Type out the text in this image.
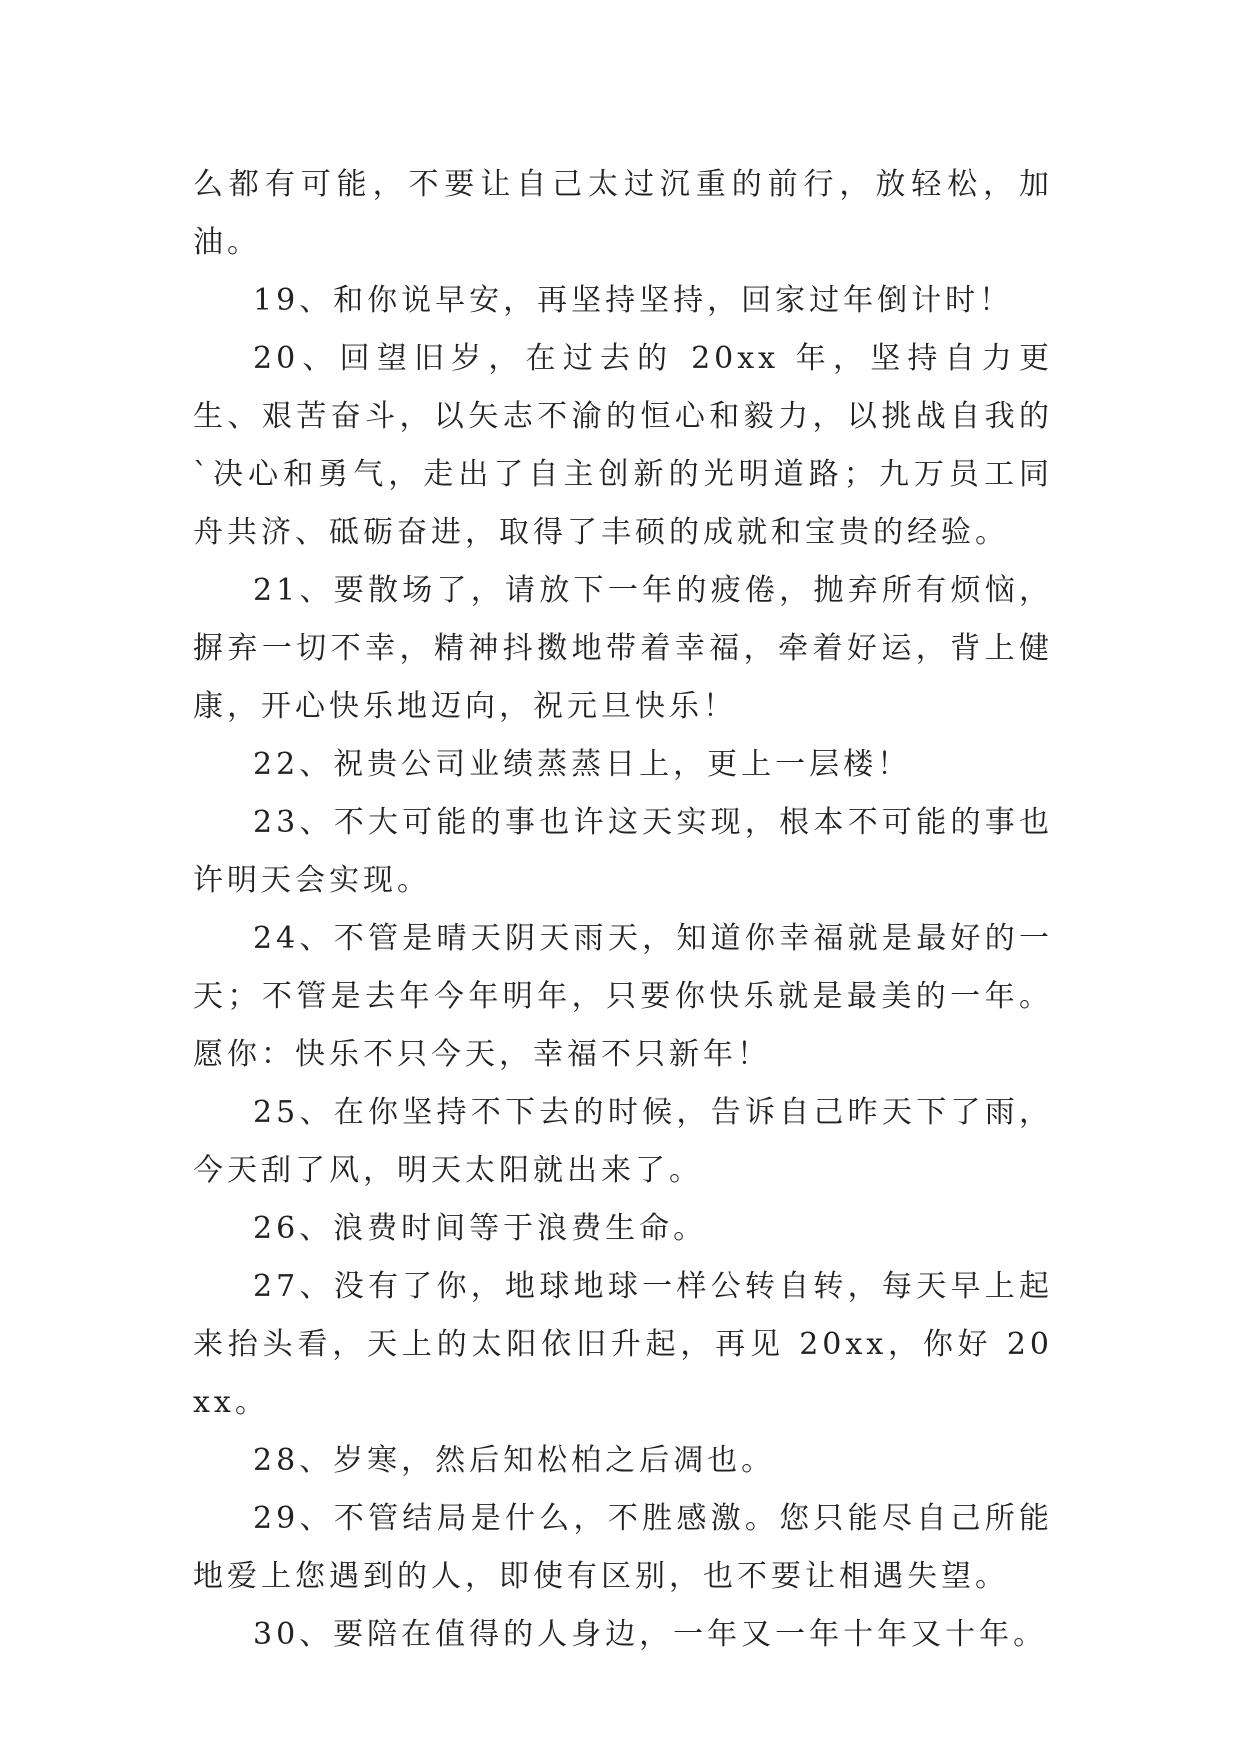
么都有可能，不要让自己太过沉重的前行，放轻松，加油。

19、和你说早安，再坚持坚持，回家过年倒计时！

20、回望旧岁，在过去的 20xx 年，坚持自力更生、艰苦奋斗，以矢志不渝的恒心和毅力，以挑战自我的`决心和勇气，走出了自主创新的光明道路；九万员工同舟共济、砥砺奋进，取得了丰硕的成就和宝贵的经验。

21、要散场了，请放下一年的疲倦，抛弃所有烦恼，摒弃一切不幸，精神抖擞地带着幸福，牵着好运，背上健康，开心快乐地迈向，祝元旦快乐！

22、祝贵公司业绩蒸蒸日上，更上一层楼！

23、不大可能的事也许这天实现，根本不可能的事也许明天会实现。

24、不管是晴天阴天雨天，知道你幸福就是最好的一天；不管是去年今年明年，只要你快乐就是最美的一年。愿你：快乐不只今天，幸福不只新年！

25、在你坚持不下去的时候，告诉自己昨天下了雨，今天刮了风，明天太阳就出来了。

26、浪费时间等于浪费生命。

27、没有了你，地球地球一样公转自转，每天早上起来抬头看，天上的太阳依旧升起，再见 20xx，你好 20xx。

28、岁寒，然后知松柏之后凋也。

29、不管结局是什么，不胜感激。您只能尽自己所能地爱上您遇到的人，即使有区别，也不要让相遇失望。

30、要陪在值得的人身边，一年又一年十年又十年。
